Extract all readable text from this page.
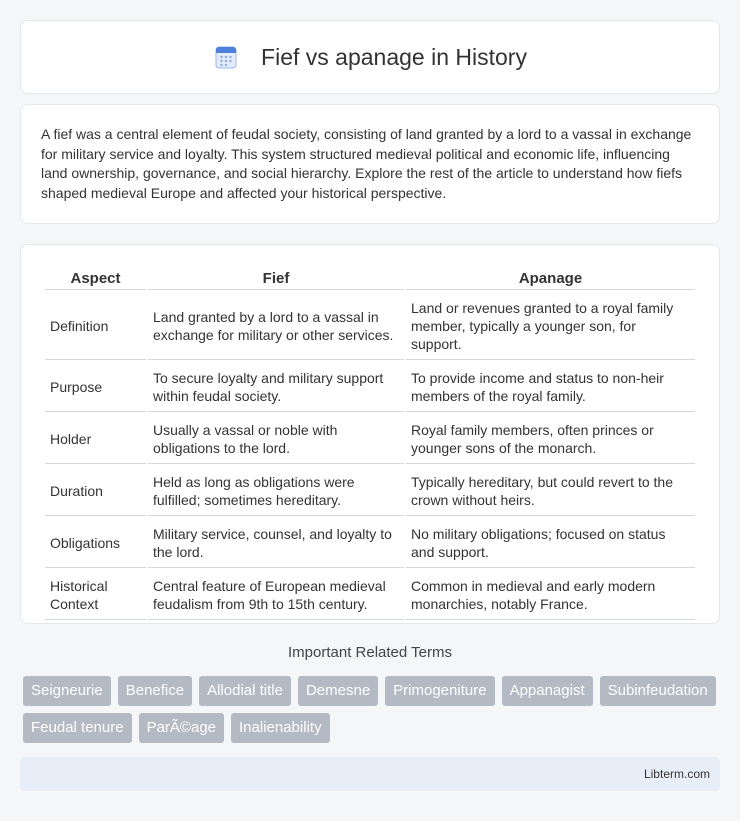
Fief vs apanage in History

A fief was a central element of feudal society, consisting of land granted by a lord to a vassal in exchange for military service and loyalty. This system structured medieval political and economic life, influencing land ownership, governance, and social hierarchy. Explore the rest of the article to understand how fiefs shaped medieval Europe and affected your historical perspective.

Aspect	Fief	Apanage
Definition	Land granted by a lord to a vassal in exchange for military or other services.	Land or revenues granted to a royal family member, typically a younger son, for support.
Purpose	To secure loyalty and military support within feudal society.	To provide income and status to non-heir members of the royal family.
Holder	Usually a vassal or noble with obligations to the lord.	Royal family members, often princes or younger sons of the monarch.
Duration	Held as long as obligations were fulfilled; sometimes hereditary.	Typically hereditary, but could revert to the crown without heirs.
Obligations	Military service, counsel, and loyalty to the lord.	No military obligations; focused on status and support.
Historical Context	Central feature of European medieval feudalism from 9th to 15th century.	Common in medieval and early modern monarchies, notably France.
Important Related Terms
Seigneurie	Benefice	Allodial title	Demesne	Primogeniture	Appanagist	Subinfeudation
Feudal tenure	ParÃ©age	Inalienability
Libterm.com
